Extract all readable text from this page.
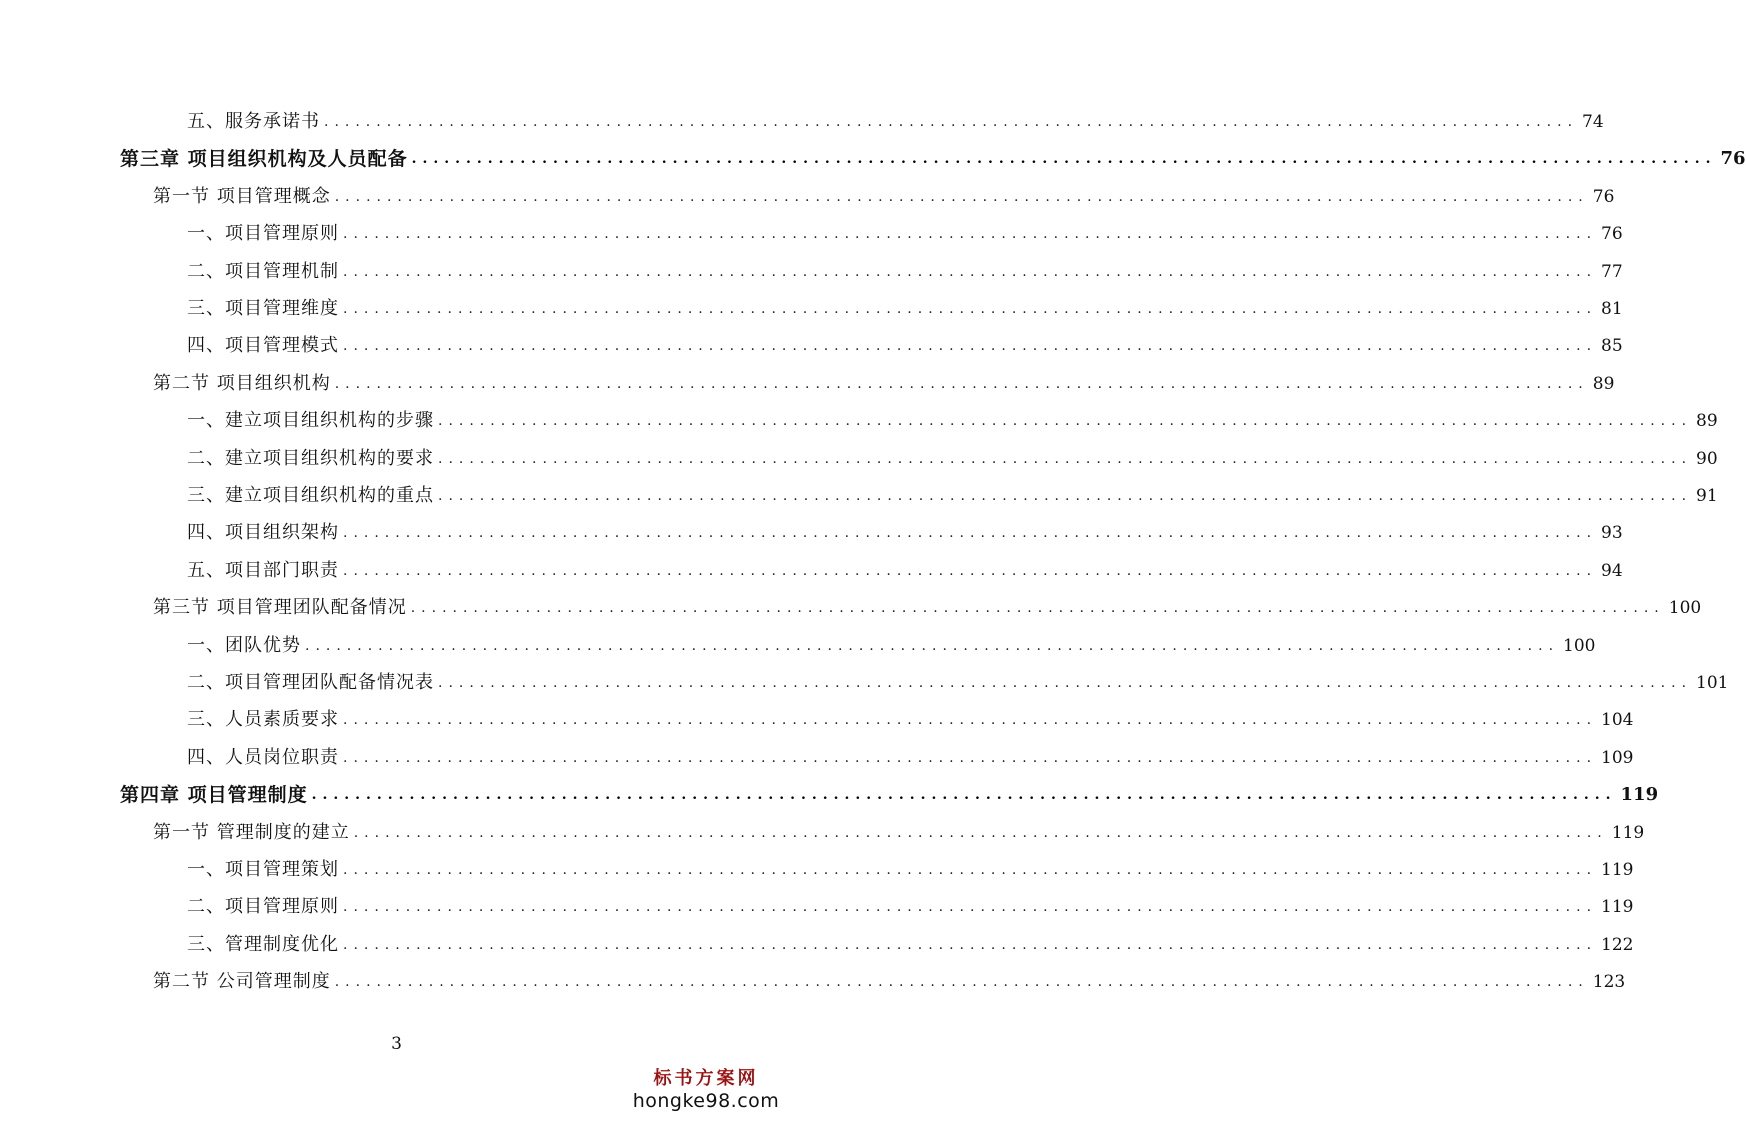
五、服务承诺书 ........................................................................................................................ 74
第三章 项目组织机构及人员配备 ........................................................................................................................ 76
第一节 项目管理概念 ........................................................................................................................ 76
一、项目管理原则 ........................................................................................................................ 76
二、项目管理机制 ........................................................................................................................ 77
三、项目管理维度 ........................................................................................................................ 81
四、项目管理模式 ........................................................................................................................ 85
第二节 项目组织机构 ........................................................................................................................ 89
一、建立项目组织机构的步骤 ........................................................................................................................ 89
二、建立项目组织机构的要求 ........................................................................................................................ 90
三、建立项目组织机构的重点 ........................................................................................................................ 91
四、项目组织架构 ........................................................................................................................ 93
五、项目部门职责 ........................................................................................................................ 94
第三节 项目管理团队配备情况 ........................................................................................................................ 100
一、团队优势 ........................................................................................................................ 100
二、项目管理团队配备情况表 ........................................................................................................................ 101
三、人员素质要求 ........................................................................................................................ 104
四、人员岗位职责 ........................................................................................................................ 109
第四章 项目管理制度 ........................................................................................................................ 119
第一节 管理制度的建立 ........................................................................................................................ 119
一、项目管理策划 ........................................................................................................................ 119
二、项目管理原则 ........................................................................................................................ 119
三、管理制度优化 ........................................................................................................................ 122
第二节 公司管理制度 ........................................................................................................................ 123
3
标书方案网
hongke98.com
